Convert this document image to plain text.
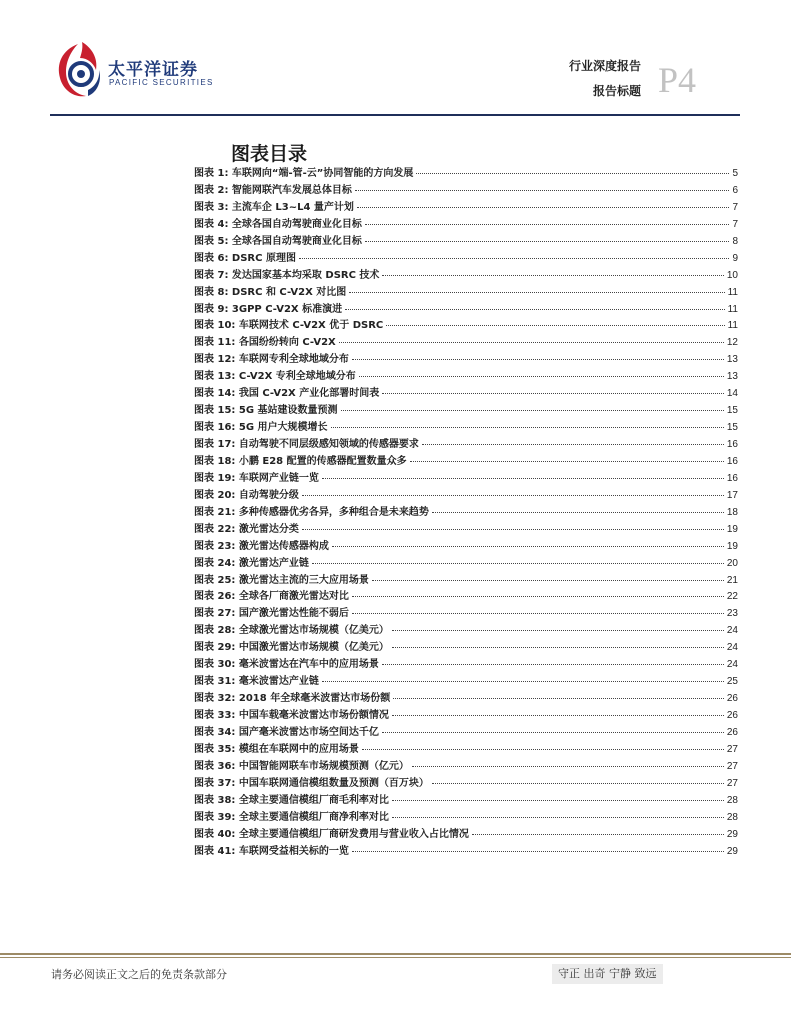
太平洋证券
PACIFIC SECURITIES
行业深度报告
报告标题 P4
图表目录
图表 1: 车联网向“端-管-云”协同智能的方向发展	5
图表 2: 智能网联汽车发展总体目标	6
图表 3: 主流车企 L3~L4 量产计划	7
图表 4: 全球各国自动驾驶商业化目标	7
图表 5: 全球各国自动驾驶商业化目标	8
图表 6: DSRC 原理图	9
图表 7: 发达国家基本均采取 DSRC 技术	10
图表 8: DSRC 和 C-V2X 对比图	11
图表 9: 3GPP C-V2X 标准演进	11
图表 10: 车联网技术 C-V2X 优于 DSRC	11
图表 11: 各国纷纷转向 C-V2X	12
图表 12: 车联网专利全球地域分布	13
图表 13: C-V2X 专利全球地域分布	13
图表 14: 我国 C-V2X 产业化部署时间表	14
图表 15: 5G 基站建设数量预测	15
图表 16: 5G 用户大规模增长	15
图表 17: 自动驾驶不同层级感知领域的传感器要求	16
图表 18: 小鹏 E28 配置的传感器配置数量众多	16
图表 19: 车联网产业链一览	16
图表 20: 自动驾驶分级	17
图表 21: 多种传感器优劣各异，多种组合是未来趋势	18
图表 22: 激光雷达分类	19
图表 23: 激光雷达传感器构成	19
图表 24: 激光雷达产业链	20
图表 25: 激光雷达主流的三大应用场景	21
图表 26: 全球各厂商激光雷达对比	22
图表 27: 国产激光雷达性能不弱后	23
图表 28: 全球激光雷达市场规模（亿美元）	24
图表 29: 中国激光雷达市场规模（亿美元）	24
图表 30: 毫米波雷达在汽车中的应用场景	24
图表 31: 毫米波雷达产业链	25
图表 32: 2018 年全球毫米波雷达市场份额	26
图表 33: 中国车载毫米波雷达市场份额情况	26
图表 34: 国产毫米波雷达市场空间达千亿	26
图表 35: 模组在车联网中的应用场景	27
图表 36: 中国智能网联车市场规模预测（亿元）	27
图表 37: 中国车联网通信模组数量及预测（百万块）	27
图表 38: 全球主要通信模组厂商毛利率对比	28
图表 39: 全球主要通信模组厂商净利率对比	28
图表 40: 全球主要通信模组厂商研发费用与营业收入占比情况	29
图表 41: 车联网受益相关标的一览	29
请务必阅读正文之后的免责条款部分	守正 出奇 宁静 致远
